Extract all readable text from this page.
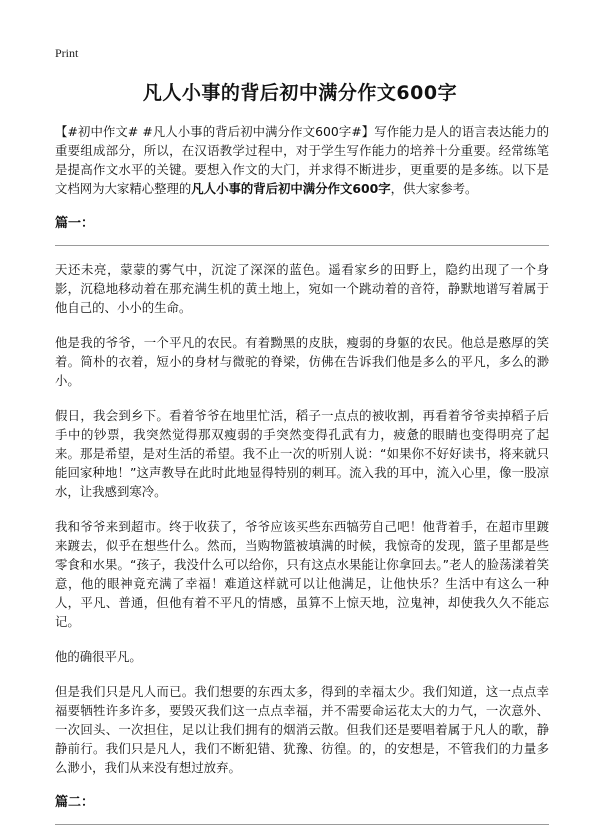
Print
凡人小事的背后初中满分作文600字

【#初中作文# #凡人小事的背后初中满分作文600字#】写作能力是人的语言表达能力的重要组成部分，所以，在汉语教学过程中，对于学生写作能力的培养十分重要。经常练笔是提高作文水平的关键。要想入作文的大门，并求得不断进步，更重要的是多练。以下是文档网为大家精心整理的凡人小事的背后初中满分作文600字，供大家参考。

篇一：

天还未亮，蒙蒙的雾气中，沉淀了深深的蓝色。遥看家乡的田野上，隐约出现了一个身影，沉稳地移动着在那充满生机的黄土地上，宛如一个跳动着的音符，静默地谱写着属于他自己的、小小的生命。

他是我的爷爷，一个平凡的农民。有着黝黑的皮肤，瘦弱的身躯的农民。他总是憨厚的笑着。简朴的衣着，短小的身材与微驼的脊梁，仿佛在告诉我们他是多么的平凡，多么的渺小。

假日，我会到乡下。看着爷爷在地里忙活，稻子一点点的被收割，再看着爷爷卖掉稻子后手中的钞票，我突然觉得那双瘦弱的手突然变得孔武有力，疲惫的眼睛也变得明亮了起来。那是希望，是对生活的希望。我不止一次的听别人说：“如果你不好好读书，将来就只能回家种地！”这声教导在此时此地显得特别的刺耳。流入我的耳中，流入心里，像一股凉水，让我感到寒冷。

我和爷爷来到超市。终于收获了，爷爷应该买些东西犒劳自己吧！他背着手，在超市里踱来踱去，似乎在想些什么。然而，当购物篮被填满的时候，我惊奇的发现，篮子里都是些零食和水果。“孩子，我没什么可以给你，只有这点水果能让你拿回去。”老人的脸荡漾着笑意，他的眼神竟充满了幸福！难道这样就可以让他满足，让他快乐？生活中有这么一种人，平凡、普通，但他有着不平凡的情感，虽算不上惊天地，泣鬼神，却使我久久不能忘记。

他的确很平凡。

但是我们只是凡人而已。我们想要的东西太多，得到的幸福太少。我们知道，这一点点幸福要牺牲许多许多，要毁灭我们这一点点幸福，并不需要命运花太大的力气，一次意外、一次回头、一次担住，足以让我们拥有的烟消云散。但我们还是要唱着属于凡人的歌，静静前行。我们只是凡人，我们不断犯错、犹豫、彷徨。的，的安想是，不管我们的力量多么渺小，我们从来没有想过放弃。

篇二：
